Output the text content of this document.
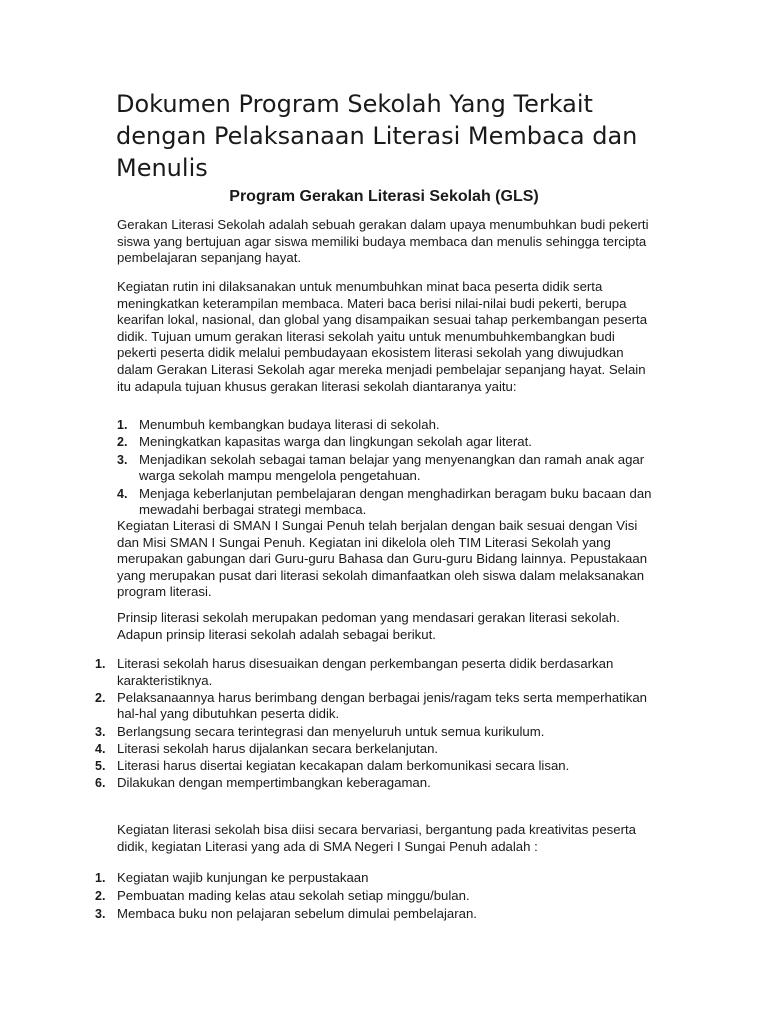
Dokumen Program Sekolah Yang Terkait dengan Pelaksanaan Literasi Membaca dan Menulis
Program Gerakan Literasi Sekolah (GLS)

Gerakan Literasi Sekolah adalah sebuah gerakan dalam upaya menumbuhkan budi pekerti siswa yang bertujuan agar siswa memiliki budaya membaca dan menulis sehingga tercipta pembelajaran sepanjang hayat.

Kegiatan rutin ini dilaksanakan untuk menumbuhkan minat baca peserta didik serta meningkatkan keterampilan membaca. Materi baca berisi nilai-nilai budi pekerti, berupa kearifan lokal, nasional, dan global yang disampaikan sesuai tahap perkembangan peserta didik. Tujuan umum gerakan literasi sekolah yaitu untuk menumbuhkembangkan budi pekerti peserta didik melalui pembudayaan ekosistem literasi sekolah yang diwujudkan dalam Gerakan Literasi Sekolah agar mereka menjadi pembelajar sepanjang hayat. Selain itu adapula tujuan khusus gerakan literasi sekolah diantaranya yaitu:

1. Menumbuh kembangkan budaya literasi di sekolah.
2. Meningkatkan kapasitas warga dan lingkungan sekolah agar literat.
3. Menjadikan sekolah sebagai taman belajar yang menyenangkan dan ramah anak agar warga sekolah mampu mengelola pengetahuan.
4. Menjaga keberlanjutan pembelajaran dengan menghadirkan beragam buku bacaan dan mewadahi berbagai strategi membaca.

Kegiatan Literasi di SMAN I Sungai Penuh telah berjalan dengan baik sesuai dengan Visi dan Misi SMAN I Sungai Penuh. Kegiatan ini dikelola oleh TIM Literasi Sekolah yang merupakan gabungan dari Guru-guru Bahasa dan Guru-guru Bidang lainnya. Pepustakaan yang merupakan pusat dari literasi sekolah dimanfaatkan oleh siswa dalam melaksanakan program literasi.

Prinsip literasi sekolah merupakan pedoman yang mendasari gerakan literasi sekolah. Adapun prinsip literasi sekolah adalah sebagai berikut.

1. Literasi sekolah harus disesuaikan dengan perkembangan peserta didik berdasarkan karakteristiknya.
2. Pelaksanaannya harus berimbang dengan berbagai jenis/ragam teks serta memperhatikan hal-hal yang dibutuhkan peserta didik.
3. Berlangsung secara terintegrasi dan menyeluruh untuk semua kurikulum.
4. Literasi sekolah harus dijalankan secara berkelanjutan.
5. Literasi harus disertai kegiatan kecakapan dalam berkomunikasi secara lisan.
6. Dilakukan dengan mempertimbangkan keberagaman.

Kegiatan literasi sekolah bisa diisi secara bervariasi, bergantung pada kreativitas peserta didik, kegiatan Literasi yang ada di SMA Negeri I Sungai Penuh adalah :

1. Kegiatan wajib kunjungan ke perpustakaan
2. Pembuatan mading kelas atau sekolah setiap minggu/bulan.
3. Membaca buku non pelajaran sebelum dimulai pembelajaran.
